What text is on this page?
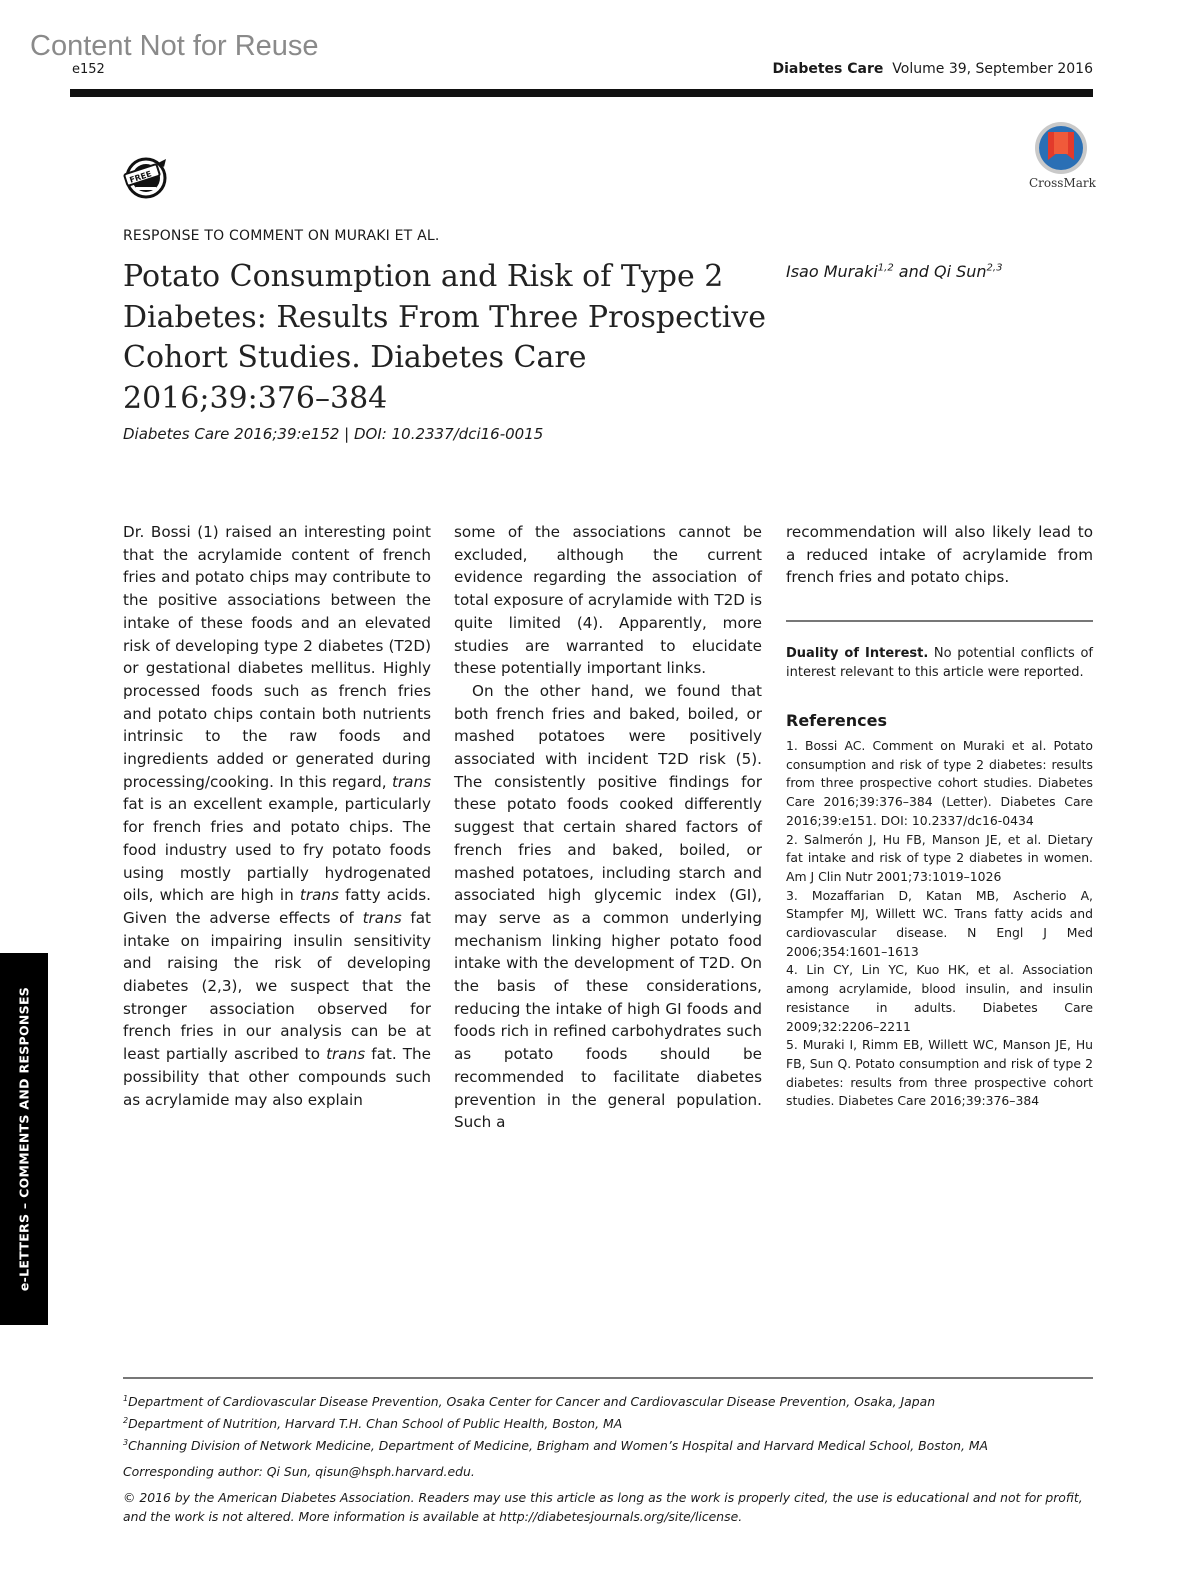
Content Not for Reuse
e152	Diabetes Care Volume 39, September 2016
FREE	CrossMark
RESPONSE TO COMMENT ON MURAKI ET AL.
Potato Consumption and Risk of Type 2 Diabetes: Results From Three Prospective Cohort Studies. Diabetes Care 2016;39:376–384
Diabetes Care 2016;39:e152 | DOI: 10.2337/dci16-0015
Isao Muraki$^{1,2}$ and Qi Sun$^{2,3}$

Dr. Bossi (1) raised an interesting point that the acrylamide content of french fries and potato chips may contribute to the positive associations between the intake of these foods and an elevated risk of developing type 2 diabetes (T2D) or gestational diabetes mellitus. Highly processed foods such as french fries and potato chips contain both nutrients intrinsic to the raw foods and ingredients added or generated during processing/cooking. In this regard, trans fat is an excellent example, particularly for french fries and potato chips. The food industry used to fry potato foods using mostly partially hydrogenated oils, which are high in trans fatty acids. Given the adverse effects of trans fat intake on impairing insulin sensitivity and raising the risk of developing diabetes (2,3), we suspect that the stronger association observed for french fries in our analysis can be at least partially ascribed to trans fat. The possibility that other compounds such as acrylamide may also explain

some of the associations cannot be excluded, although the current evidence regarding the association of total exposure of acrylamide with T2D is quite limited (4). Apparently, more studies are warranted to elucidate these potentially important links.

On the other hand, we found that both french fries and baked, boiled, or mashed potatoes were positively associated with incident T2D risk (5). The consistently positive findings for these potato foods cooked differently suggest that certain shared factors of french fries and baked, boiled, or mashed potatoes, including starch and associated high glycemic index (GI), may serve as a common underlying mechanism linking higher potato food intake with the development of T2D. On the basis of these considerations, reducing the intake of high GI foods and foods rich in refined carbohydrates such as potato foods should be recommended to facilitate diabetes prevention in the general population. Such a

recommendation will also likely lead to a reduced intake of acrylamide from french fries and potato chips.

Duality of Interest. No potential conflicts of interest relevant to this article were reported.
References
1. Bossi AC. Comment on Muraki et al. Potato consumption and risk of type 2 diabetes: results from three prospective cohort studies. Diabetes Care 2016;39:376–384 (Letter). Diabetes Care 2016;39:e151. DOI: 10.2337/dc16-0434
2. Salmerón J, Hu FB, Manson JE, et al. Dietary fat intake and risk of type 2 diabetes in women. Am J Clin Nutr 2001;73:1019–1026
3. Mozaffarian D, Katan MB, Ascherio A, Stampfer MJ, Willett WC. Trans fatty acids and cardiovascular disease. N Engl J Med 2006;354:1601–1613
4. Lin CY, Lin YC, Kuo HK, et al. Association among acrylamide, blood insulin, and insulin resistance in adults. Diabetes Care 2009;32:2206–2211
5. Muraki I, Rimm EB, Willett WC, Manson JE, Hu FB, Sun Q. Potato consumption and risk of type 2 diabetes: results from three prospective cohort studies. Diabetes Care 2016;39:376–384
e-LETTERS – COMMENTS AND RESPONSES
$^1$Department of Cardiovascular Disease Prevention, Osaka Center for Cancer and Cardiovascular Disease Prevention, Osaka, Japan
$^2$Department of Nutrition, Harvard T.H. Chan School of Public Health, Boston, MA
$^3$Channing Division of Network Medicine, Department of Medicine, Brigham and Women’s Hospital and Harvard Medical School, Boston, MA
Corresponding author: Qi Sun, qisun@hsph.harvard.edu.
© 2016 by the American Diabetes Association. Readers may use this article as long as the work is properly cited, the use is educational and not for profit, and the work is not altered. More information is available at http://diabetesjournals.org/site/license.
